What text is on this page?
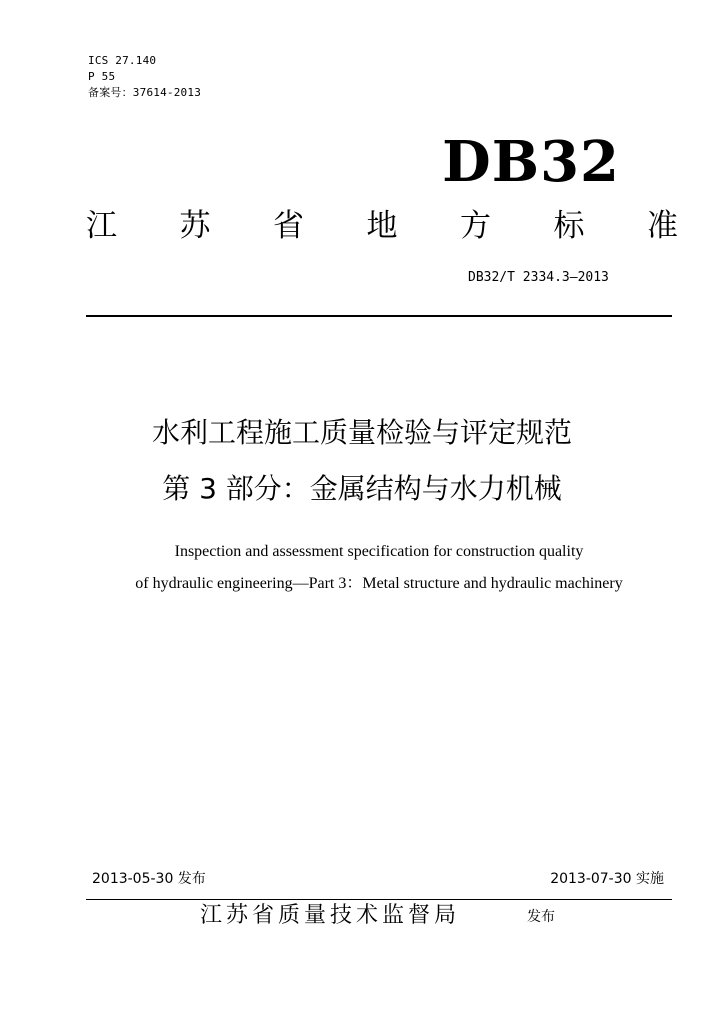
ICS 27.140
P 55
备案号：37614-2013
DB32
江 苏 省 地 方 标 准
DB32/T 2334.3—2013
水利工程施工质量检验与评定规范
第 3 部分：金属结构与水力机械
Inspection and assessment specification for construction quality
of hydraulic engineering—Part 3：Metal structure and hydraulic machinery
2013-05-30 发布	2013-07-30 实施
江苏省质量技术监督局	发布
